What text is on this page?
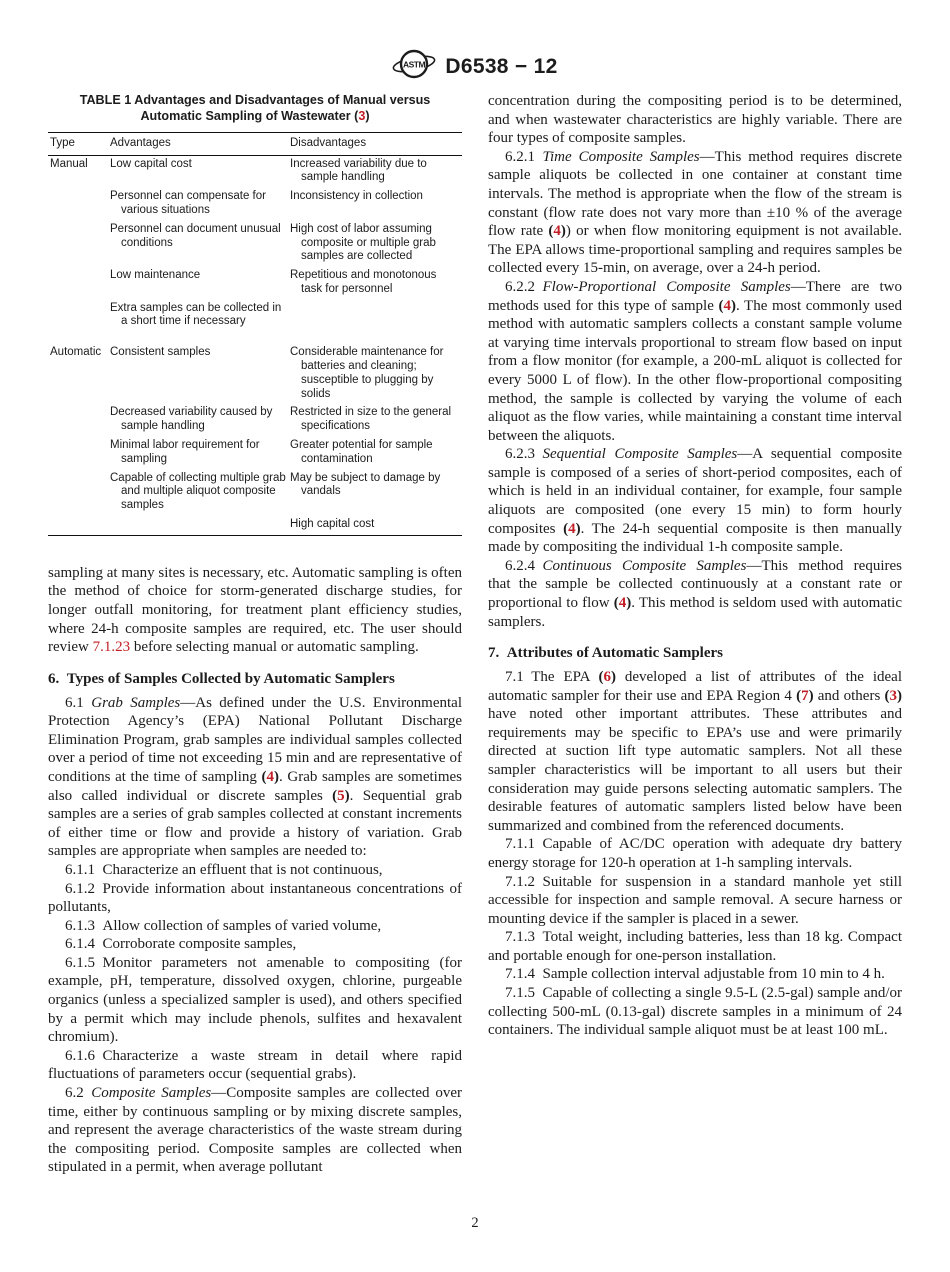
ASTM D6538 − 12
TABLE 1 Advantages and Disadvantages of Manual versus Automatic Sampling of Wastewater (3)
Type	Advantages	Disadvantages
Manual	Low capital cost	Increased variability due to sample handling
	Personnel can compensate for various situations	Inconsistency in collection
	Personnel can document unusual conditions	High cost of labor assuming composite or multiple grab samples are collected
	Low maintenance	Repetitious and monotonous task for personnel
	Extra samples can be collected in a short time if necessary	
Automatic	Consistent samples	Considerable maintenance for batteries and cleaning; susceptible to plugging by solids
	Decreased variability caused by sample handling	Restricted in size to the general specifications
	Minimal labor requirement for sampling	Greater potential for sample contamination
	Capable of collecting multiple grab and multiple aliquot composite samples	May be subject to damage by vandals
		High capital cost

sampling at many sites is necessary, etc. Automatic sampling is often the method of choice for storm-generated discharge studies, for longer outfall monitoring, for treatment plant efficiency studies, where 24-h composite samples are required, etc. The user should review 7.1.23 before selecting manual or automatic sampling.

6. Types of Samples Collected by Automatic Samplers

6.1 Grab Samples—As defined under the U.S. Environmental Protection Agency’s (EPA) National Pollutant Discharge Elimination Program, grab samples are individual samples collected over a period of time not exceeding 15 min and are representative of conditions at the time of sampling (4). Grab samples are sometimes also called individual or discrete samples (5). Sequential grab samples are a series of grab samples collected at constant increments of either time or flow and provide a history of variation. Grab samples are appropriate when samples are needed to:

6.1.1 Characterize an effluent that is not continuous,

6.1.2 Provide information about instantaneous concentrations of pollutants,

6.1.3 Allow collection of samples of varied volume,

6.1.4 Corroborate composite samples,

6.1.5 Monitor parameters not amenable to compositing (for example, pH, temperature, dissolved oxygen, chlorine, purgeable organics (unless a specialized sampler is used), and others specified by a permit which may include phenols, sulfites and hexavalent chromium).

6.1.6 Characterize a waste stream in detail where rapid fluctuations of parameters occur (sequential grabs).

6.2 Composite Samples—Composite samples are collected over time, either by continuous sampling or by mixing discrete samples, and represent the average characteristics of the waste stream during the compositing period. Composite samples are collected when stipulated in a permit, when average pollutant

concentration during the compositing period is to be determined, and when wastewater characteristics are highly variable. There are four types of composite samples.

6.2.1 Time Composite Samples—This method requires discrete sample aliquots be collected in one container at constant time intervals. The method is appropriate when the flow of the stream is constant (flow rate does not vary more than ±10 % of the average flow rate (4)) or when flow monitoring equipment is not available. The EPA allows time-proportional sampling and requires samples be collected every 15-min, on average, over a 24-h period.

6.2.2 Flow-Proportional Composite Samples—There are two methods used for this type of sample (4). The most commonly used method with automatic samplers collects a constant sample volume at varying time intervals proportional to stream flow based on input from a flow monitor (for example, a 200-mL aliquot is collected for every 5000 L of flow). In the other flow-proportional compositing method, the sample is collected by varying the volume of each aliquot as the flow varies, while maintaining a constant time interval between the aliquots.

6.2.3 Sequential Composite Samples—A sequential composite sample is composed of a series of short-period composites, each of which is held in an individual container, for example, four sample aliquots are composited (one every 15 min) to form hourly composites (4). The 24-h sequential composite is then manually made by compositing the individual 1-h composite sample.

6.2.4 Continuous Composite Samples—This method requires that the sample be collected continuously at a constant rate or proportional to flow (4). This method is seldom used with automatic samplers.

7. Attributes of Automatic Samplers

7.1 The EPA (6) developed a list of attributes of the ideal automatic sampler for their use and EPA Region 4 (7) and others (3) have noted other important attributes. These attributes and requirements may be specific to EPA’s use and were primarily directed at suction lift type automatic samplers. Not all these sampler characteristics will be important to all users but their consideration may guide persons selecting automatic samplers. The desirable features of automatic samplers listed below have been summarized and combined from the referenced documents.

7.1.1 Capable of AC/DC operation with adequate dry battery energy storage for 120-h operation at 1-h sampling intervals.

7.1.2 Suitable for suspension in a standard manhole yet still accessible for inspection and sample removal. A secure harness or mounting device if the sampler is placed in a sewer.

7.1.3 Total weight, including batteries, less than 18 kg. Compact and portable enough for one-person installation.

7.1.4 Sample collection interval adjustable from 10 min to 4 h.

7.1.5 Capable of collecting a single 9.5-L (2.5-gal) sample and/or collecting 500-mL (0.13-gal) discrete samples in a minimum of 24 containers. The individual sample aliquot must be at least 100 mL.

2
